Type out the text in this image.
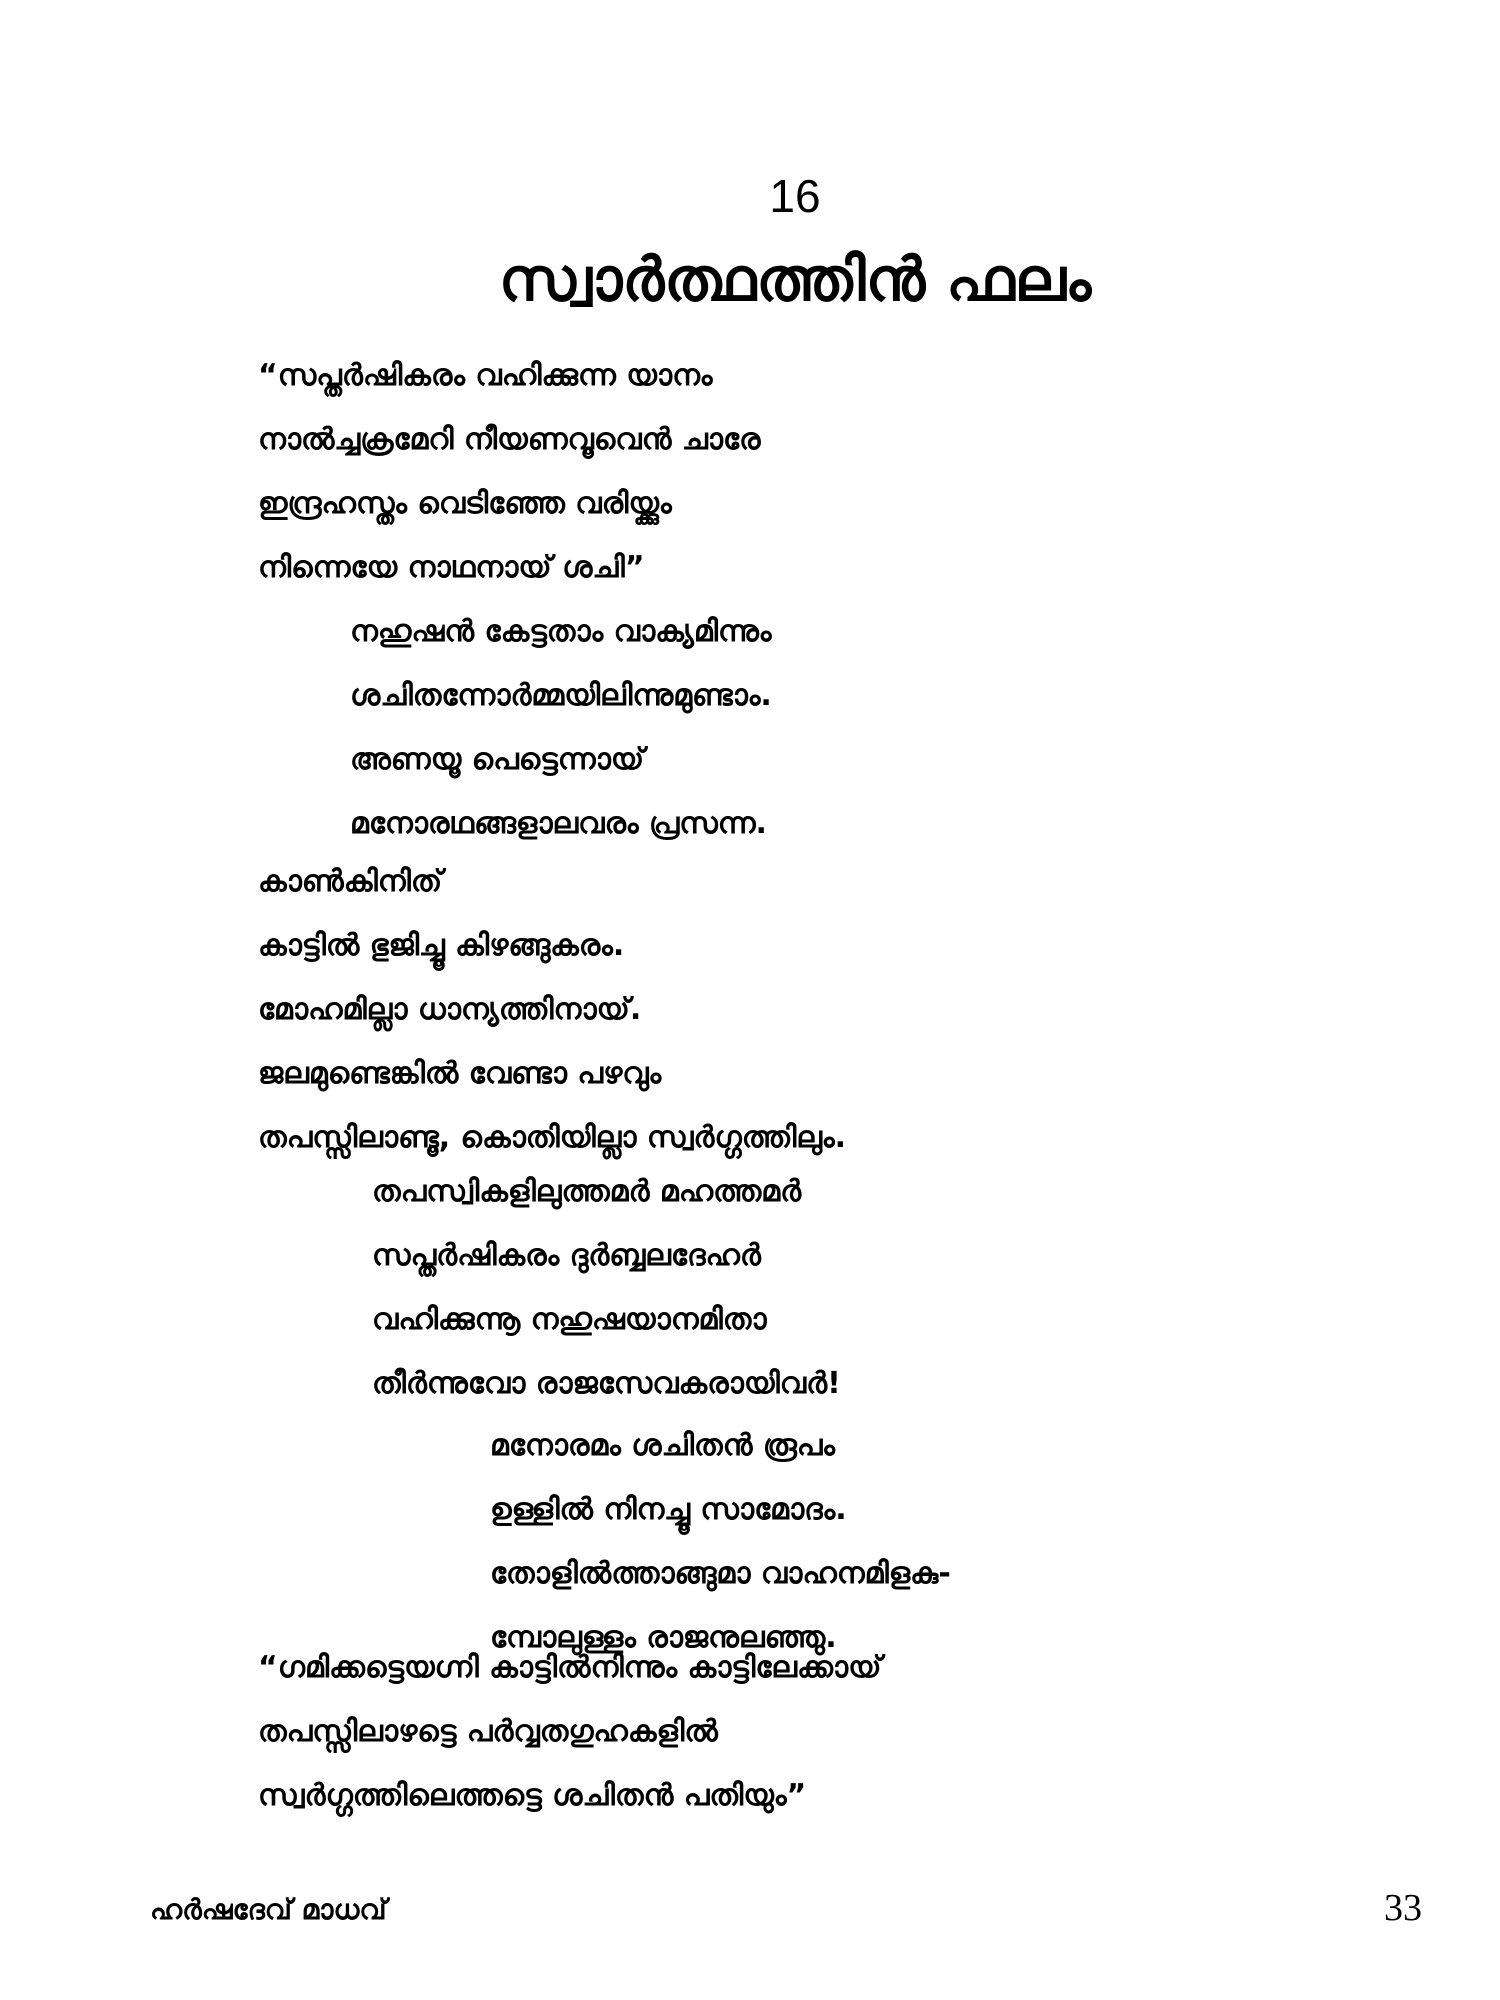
16
സ്വാർത്ഥത്തിൻ ഫലം
“സപ്തർഷികരം വഹിക്കുന്ന യാനം
നാൽച്ചക്രമേറി നീയണവൂവെൻ ചാരേ
ഇന്ദ്രഹസ്തം വെടിഞ്ഞേ വരിയ്ക്കും
നിന്നെയേ നാഥനായ് ശചി”
നഹുഷൻ കേട്ടതാം വാക്യമിന്നും
ശചിതന്നോർമ്മയിലിന്നുമുണ്ടാം.
അണയൂ പെട്ടെന്നായ്
മനോരഥങ്ങളാലവരം പ്രസന്ന.
കാൺകിനിത്
കാട്ടിൽ ഭുജിച്ചൂ കിഴങ്ങുകരം.
മോഹമില്ലാ ധാന്യത്തിനായ്.
ജലമുണ്ടെങ്കിൽ വേണ്ടാ പഴവും
തപസ്സിലാണ്ടൂ, കൊതിയില്ലാ സ്വർഗ്ഗത്തിലും.
തപസ്വികളിലുത്തമർ മഹത്തമർ
സപ്തർഷികരം ദുർബ്ബലദേഹർ
വഹിക്കുന്നൂ നഹുഷയാനമിതാ
തീർന്നുവോ രാജസേവകരായിവർ!
മനോരമം ശചിതൻ രൂപം
ഉള്ളിൽ നിനച്ചൂ സാമോദം.
തോളിൽത്താങ്ങുമാ വാഹനമിളകു-
മ്പോലുള്ളം രാജനുലഞ്ഞു.
“ഗമിക്കട്ടെയഗ്നി കാട്ടിൽനിന്നും കാട്ടിലേക്കായ്
തപസ്സിലാഴട്ടെ പർവ്വതഗുഹകളിൽ
സ്വർഗ്ഗത്തിലെത്തട്ടെ ശചിതൻ പതിയും”
ഹർഷദേവ് മാധവ്	33
